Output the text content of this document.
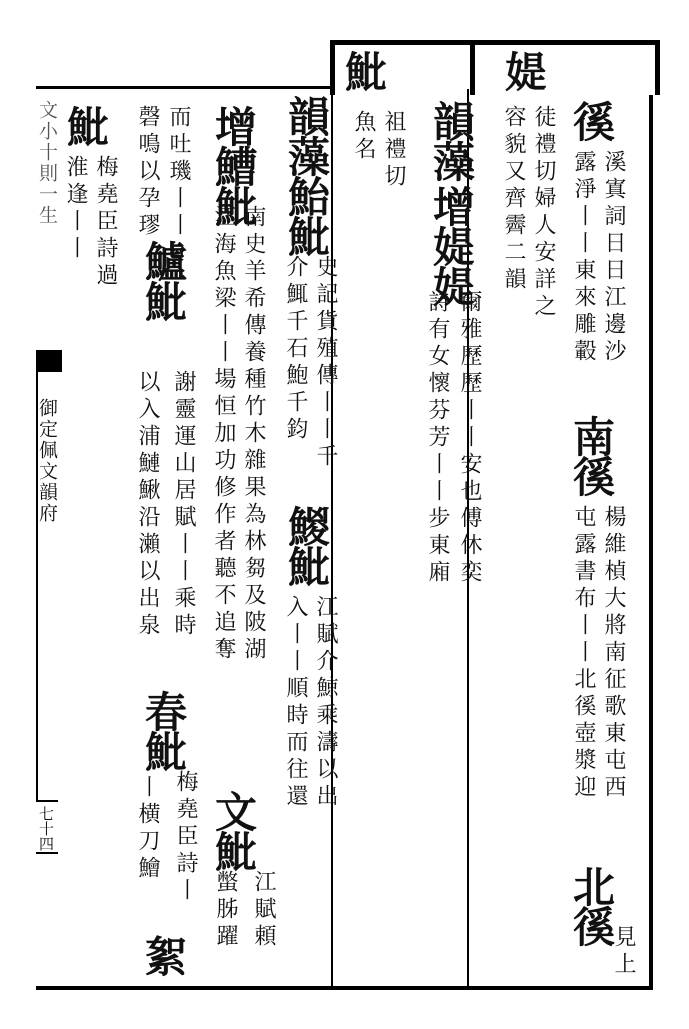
文小十則一生
御定佩文韻府
七十四
徯
溪寘詞日日江邊沙
露淨丨丨東來雕轂
南徯
楊維楨大將南征歌東屯西
屯露書布丨丨北徯壺漿迎
北徯
見上
媞
徒禮切婦人安詳之
容貌又齊霽二韻
韻藻
增媞媞
爾雅歷歷丨丨安也傅休奕
詩有女懷芬芳丨丨步東廂
魮
祖禮切
魚名
韻藻鮐魮
史記貨殖傳丨丨千
介鮿千石鮑千鈞
鯼魮
江賦介鯨乘濤以出
入丨丨順時而往還
增鰽魮
南史羊希傳養種竹木雜果為林芻及陂湖
江海魚梁丨丨場恒加功修作者聽不追奪
文魮
江賦頼
蟞胏躍
而吐璣丨丨
鱸魮
謝靈運山居賦丨丨乘時
磬鳴以孕璆
以入浦鰱鰍沿瀨以出泉
春魮
梅堯臣詩丨
丨横刀鱠
絮
魮
梅堯臣詩過
淮逢丨丨
